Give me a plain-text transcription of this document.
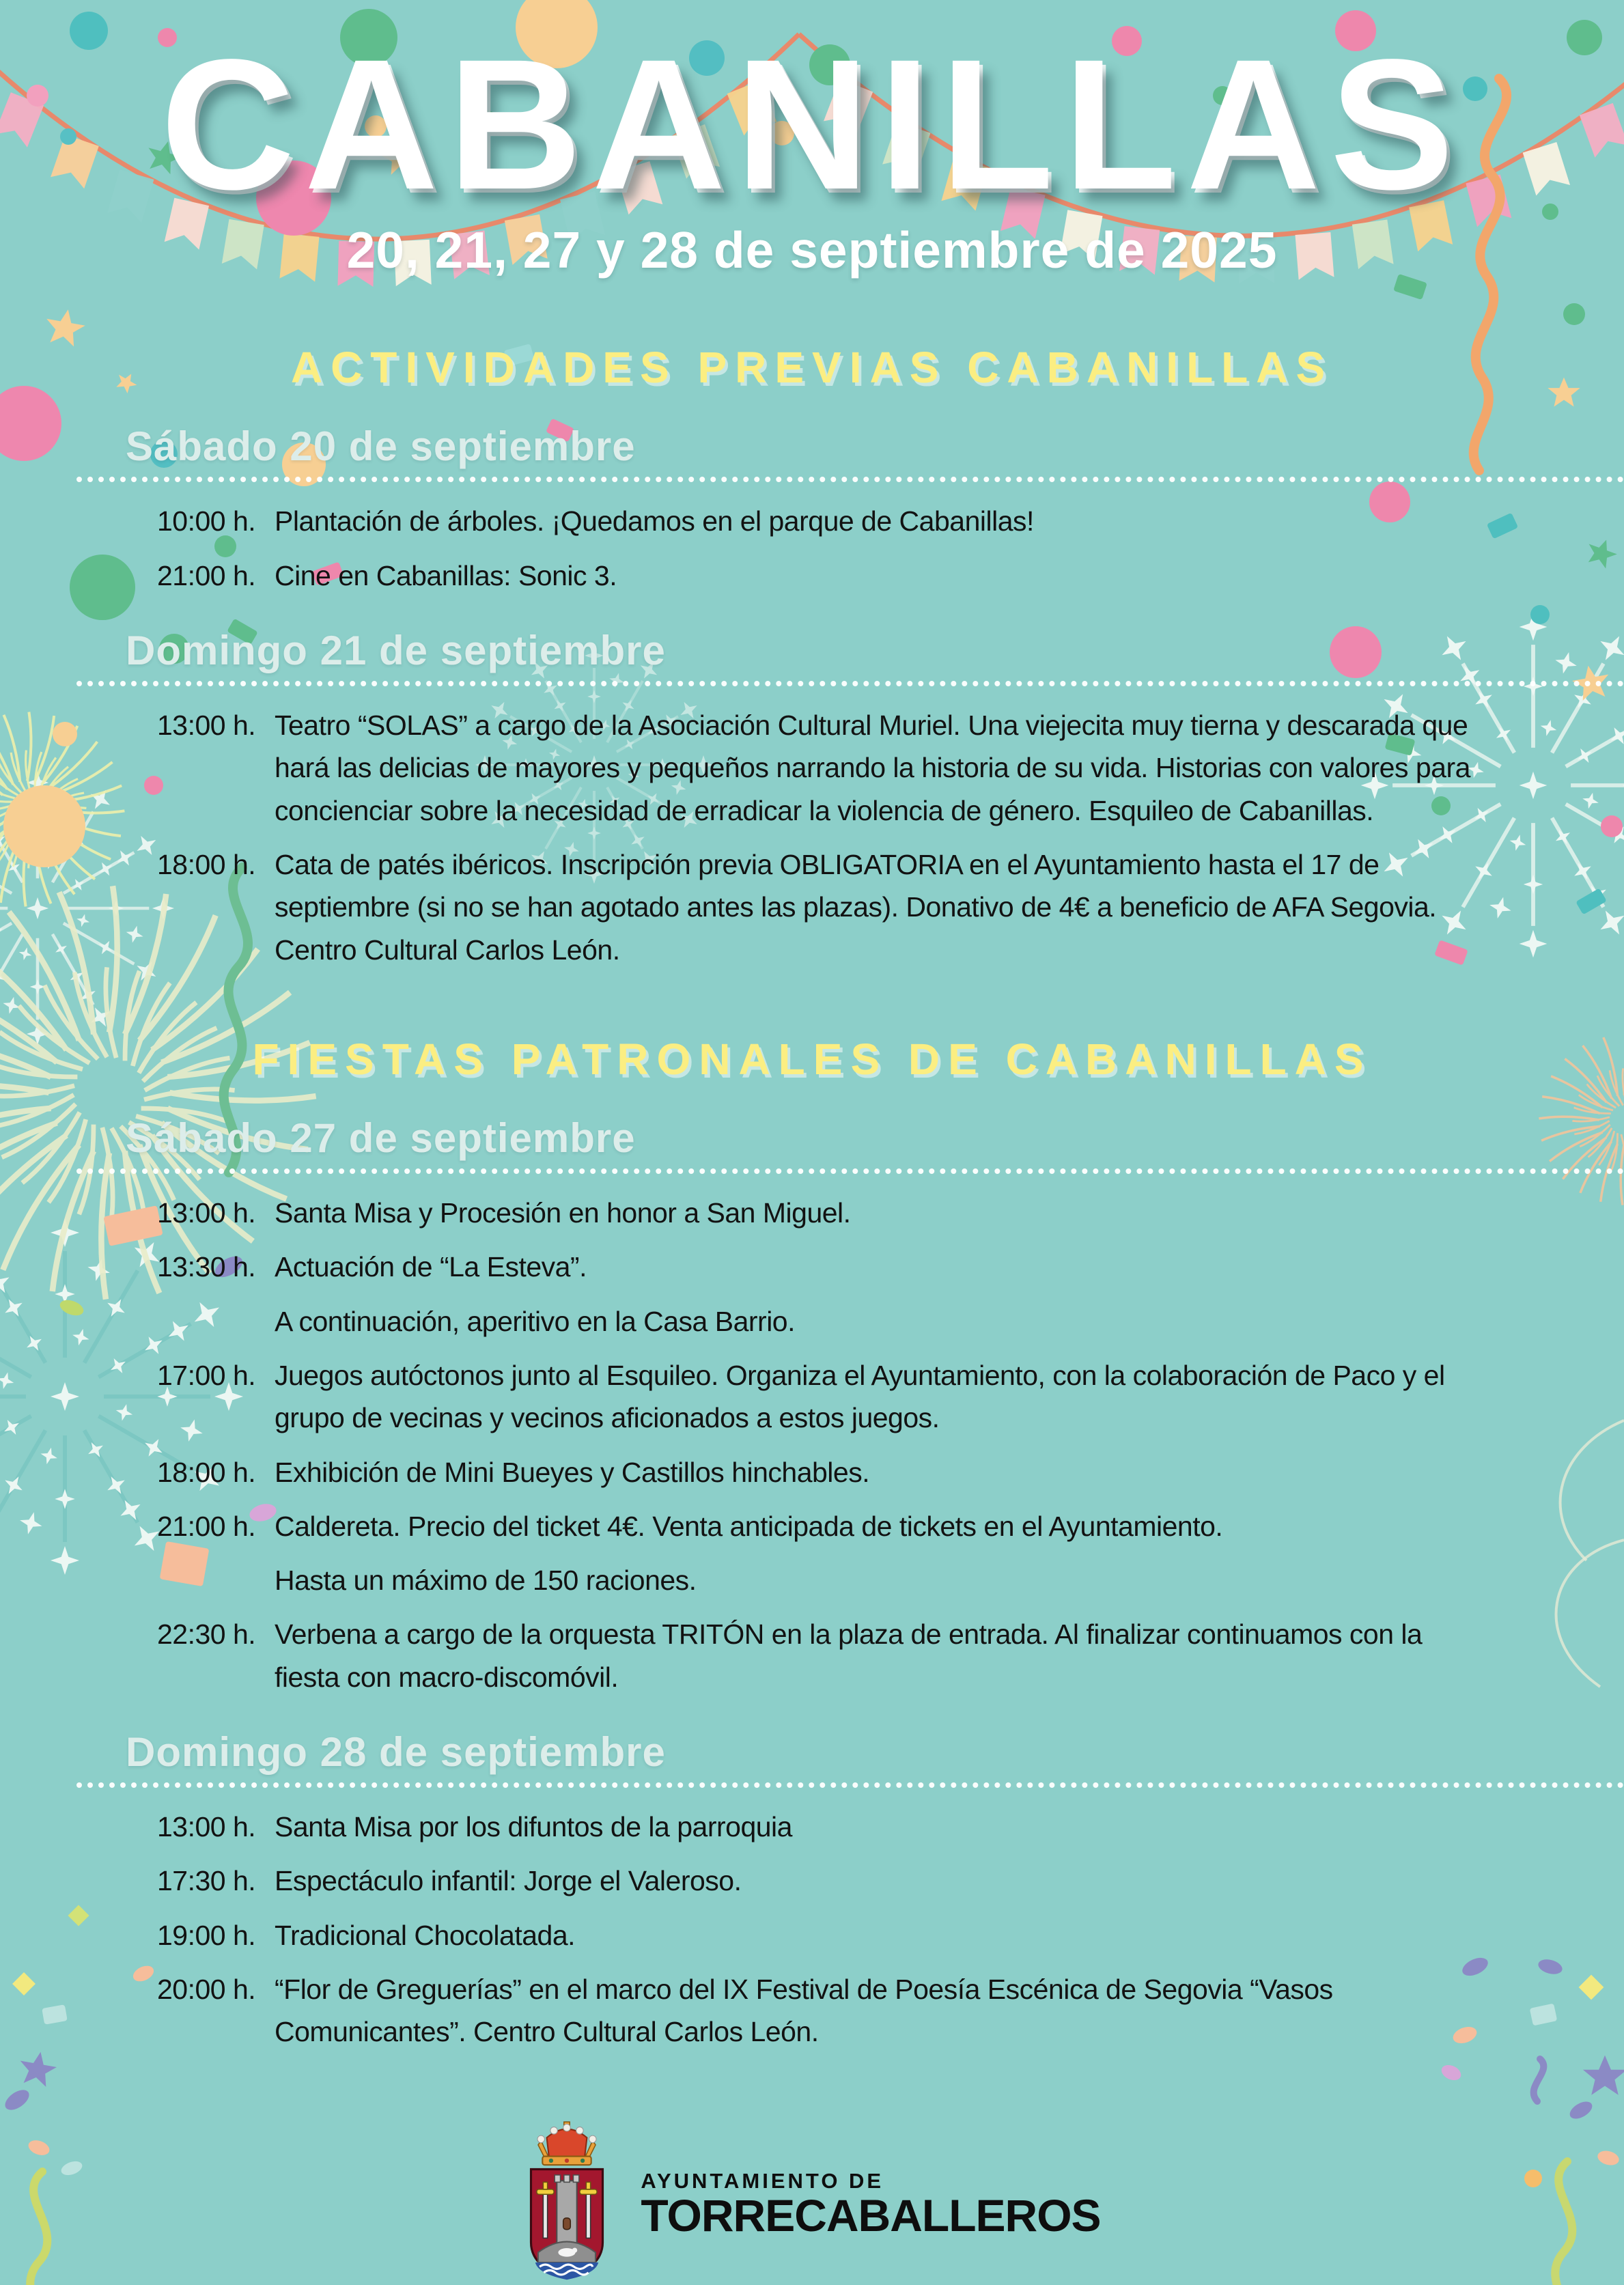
CABANILLAS
20, 21, 27 y 28 de septiembre de 2025
ACTIVIDADES PREVIAS CABANILLAS
Sábado 20 de septiembre
10:00 h. Plantación de árboles. ¡Quedamos en el parque de Cabanillas!
21:00 h. Cine en Cabanillas: Sonic 3.
Domingo 21 de septiembre
13:00 h. Teatro “SOLAS” a cargo de la Asociación Cultural Muriel. Una viejecita muy tierna y descarada que hará las delicias de mayores y pequeños narrando la historia de su vida. Historias con valores para concienciar sobre la necesidad de erradicar la violencia de género. Esquileo de Cabanillas.
18:00 h. Cata de patés ibéricos. Inscripción previa OBLIGATORIA en el Ayuntamiento hasta el 17 de septiembre (si no se han agotado antes las plazas). Donativo de 4€ a beneficio de AFA Segovia. Centro Cultural Carlos León.
FIESTAS PATRONALES DE CABANILLAS
Sábado 27 de septiembre
13:00 h. Santa Misa y Procesión en honor a San Miguel.
13:30 h. Actuación de “La Esteva”.
A continuación, aperitivo en la Casa Barrio.
17:00 h. Juegos autóctonos junto al Esquileo. Organiza el Ayuntamiento, con la colaboración de Paco y el grupo de vecinas y vecinos aficionados a estos juegos.
18:00 h. Exhibición de Mini Bueyes y Castillos hinchables.
21:00 h. Caldereta. Precio del ticket 4€. Venta anticipada de tickets en el Ayuntamiento.
Hasta un máximo de 150 raciones.
22:30 h. Verbena a cargo de la orquesta TRITÓN en la plaza de entrada. Al finalizar continuamos con la fiesta con macro-discomóvil.
Domingo 28 de septiembre
13:00 h. Santa Misa por los difuntos de la parroquia
17:30 h. Espectáculo infantil: Jorge el Valeroso.
19:00 h. Tradicional Chocolatada.
20:00 h. “Flor de Greguerías” en el marco del IX Festival de Poesía Escénica de Segovia “Vasos Comunicantes”. Centro Cultural Carlos León.
AYUNTAMIENTO DE
TORRECABALLEROS
